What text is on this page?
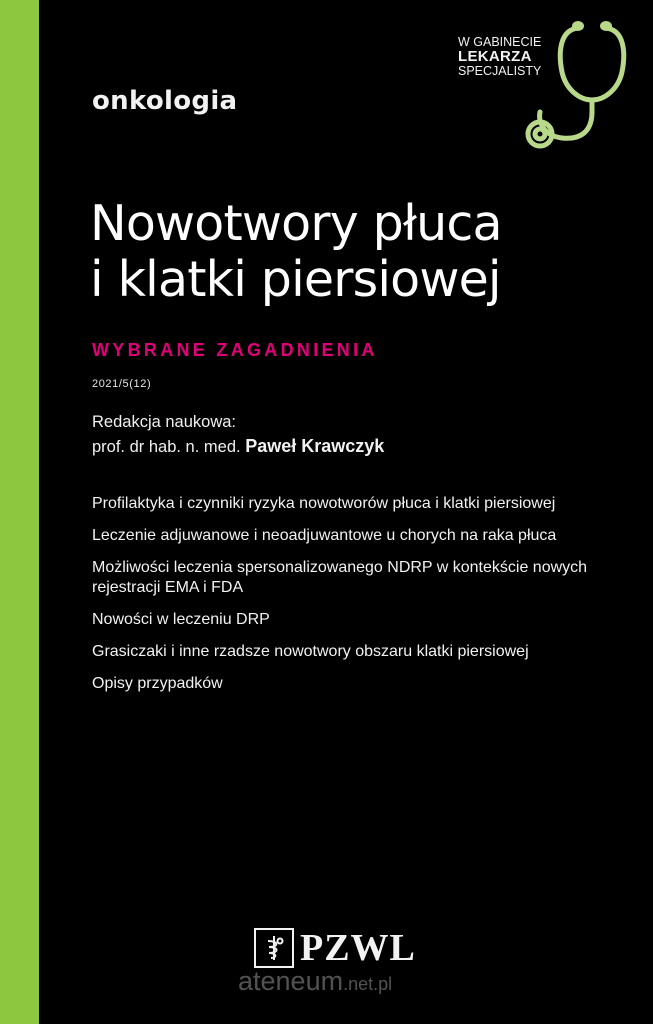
onkologia
W GABINECIE
LEKARZA
SPECJALISTY
Nowotwory płuca
i klatki piersiowej
WYBRANE ZAGADNIENIA
2021/5(12)
Redakcja naukowa:
prof. dr hab. n. med. Paweł Krawczyk
Profilaktyka i czynniki ryzyka nowotworów płuca i klatki piersiowej
Leczenie adjuwanowe i neoadjuwantowe u chorych na raka płuca
Możliwości leczenia spersonalizowanego NDRP w kontekście nowych rejestracji EMA i FDA
Nowości w leczeniu DRP
Grasiczaki i inne rzadsze nowotwory obszaru klatki piersiowej
Opisy przypadków
PZWL
ateneum.net.pl
